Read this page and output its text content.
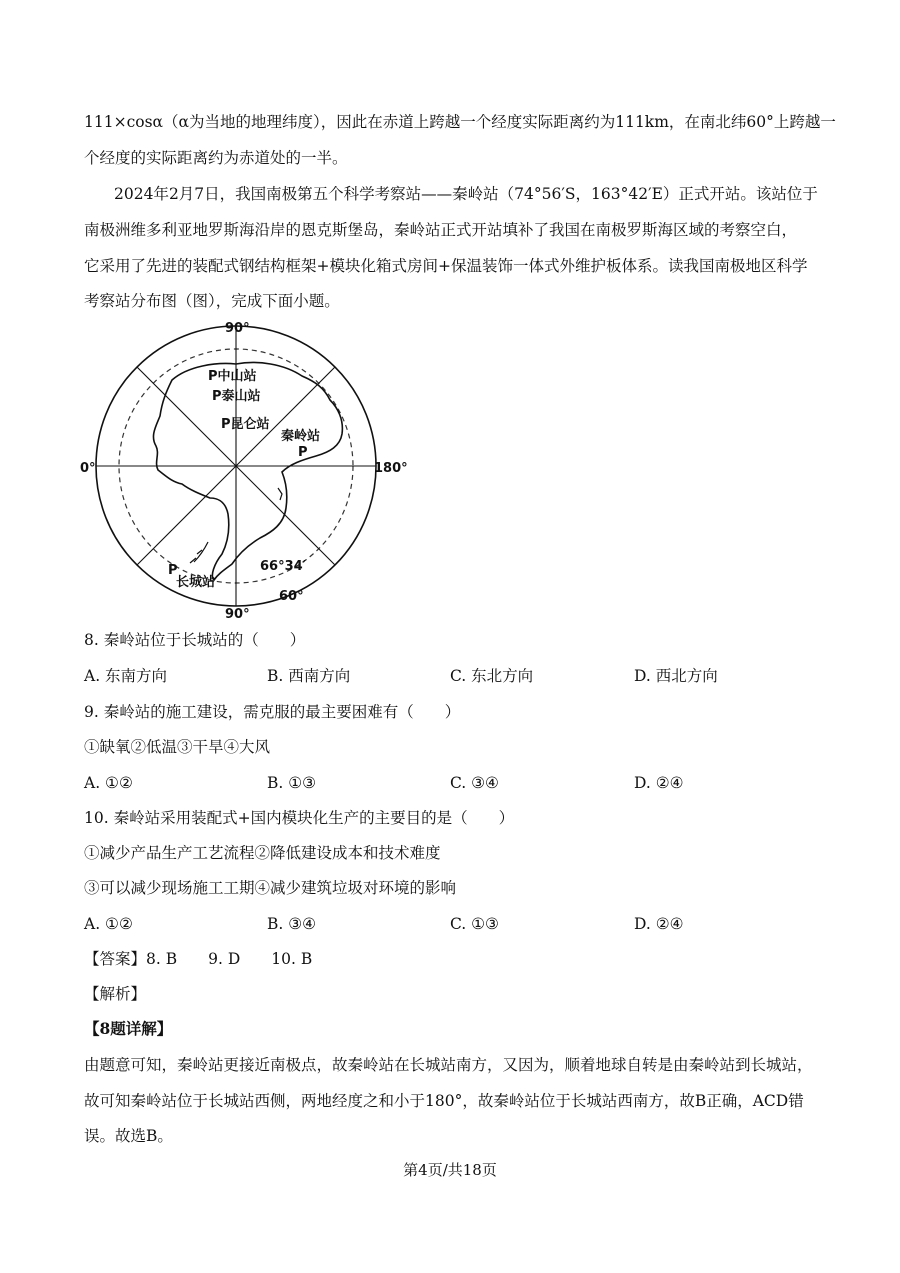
111×cosα（α为当地的地理纬度），因此在赤道上跨越一个经度实际距离约为111km，在南北纬60°上跨越一
个经度的实际距离约为赤道处的一半。
2024年2月7日，我国南极第五个科学考察站——秦岭站（74°56′S，163°42′E）正式开站。该站位于
南极洲维多利亚地罗斯海沿岸的恩克斯堡岛，秦岭站正式开站填补了我国在南极罗斯海区域的考察空白，
它采用了先进的装配式钢结构框架+模块化箱式房间+保温装饰一体式外维护板体系。读我国南极地区科学
考察站分布图（图），完成下面小题。
90°
90°
0°	180°
60°
66°34′
P中山站
P泰山站
P昆仑站
秦岭站
P
P
长城站
8. 秦岭站位于长城站的（　　）
A. 东南方向	B. 西南方向	C. 东北方向	D. 西北方向
9. 秦岭站的施工建设，需克服的最主要困难有（　　）
①缺氧②低温③干旱④大风
A. ①②	B. ①③	C. ③④	D. ②④
10. 秦岭站采用装配式+国内模块化生产的主要目的是（　　）
①减少产品生产工艺流程②降低建设成本和技术难度
③可以减少现场施工工期④减少建筑垃圾对环境的影响
A. ①②	B. ③④	C. ①③	D. ②④
【答案】8. B　　9. D　　10. B
【解析】
【8题详解】
由题意可知，秦岭站更接近南极点，故秦岭站在长城站南方，又因为，顺着地球自转是由秦岭站到长城站，
故可知秦岭站位于长城站西侧，两地经度之和小于180°，故秦岭站位于长城站西南方，故B正确，ACD错
误。故选B。
第4页/共18页
